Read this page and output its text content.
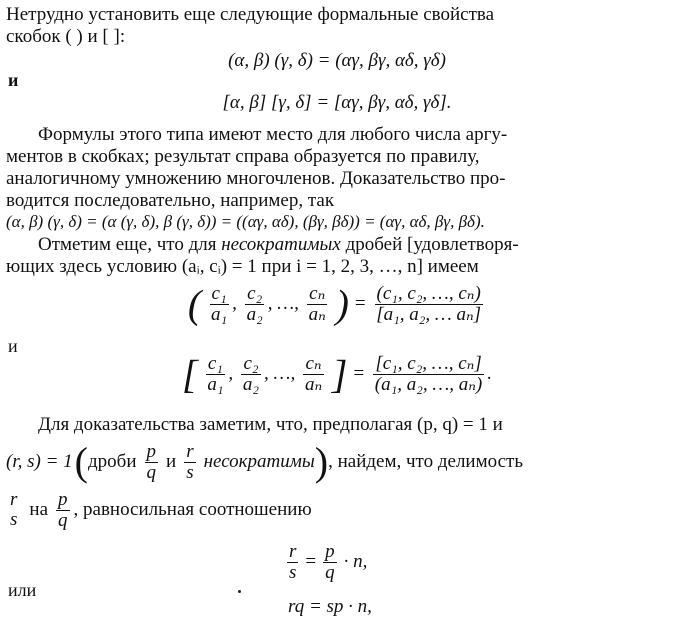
Нетрудно установить еще следующие формальные свойства
скобок ( ) и [ ]:
(α, β) (γ, δ) = (αγ, βγ, αδ, γδ)
и
[α, β] [γ, δ] = [αγ, βγ, αδ, γδ].
Формулы этого типа имеют место для любого числа аргу-
ментов в скобках; результат справа образуется по правилу,
аналогичному умножению многочленов. Доказательство про-
водится последовательно, например, так
(α, β) (γ, δ) = (α (γ, δ), β (γ, δ)) = ((αγ, αδ), (βγ, βδ)) = (αγ, αδ, βγ, βδ).
Отметим еще, что для несократимых дробей [удовлетворя-
ющих здесь условию (aᵢ, cᵢ) = 1 при i = 1, 2, 3, …, n] имеем
( $\frac{\text{c₁}}{\text{a₁}}$ , $\frac{\text{c₂}}{\text{a₂}}$ , …, $\frac{\text{cₙ}}{\text{aₙ}}$ ) = $\frac{\text{(c₁, c₂, …, cₙ)}}{\text{[a₁, a₂, … aₙ]}}$
и
[ $\frac{\text{c₁}}{\text{a₁}}$ , $\frac{\text{c₂}}{\text{a₂}}$ , …, $\frac{\text{cₙ}}{\text{aₙ}}$ ] = $\frac{\text{[c₁, c₂, …, cₙ]}}{\text{(a₁, a₂, …, aₙ)}}$ .
Для доказательства заметим, что, предполагая (p, q) = 1 и
(r, s) = 1 ( дроби $\frac{p}{q}$ и $\frac{r}{s}$ несократимы ) , найдем, что делимость
r
s на $\frac{p}{q}$ , равносильная соотношению
$\frac{r}{s} = \frac{p}{q} \cdot n$,
или
rq = sp · n,
